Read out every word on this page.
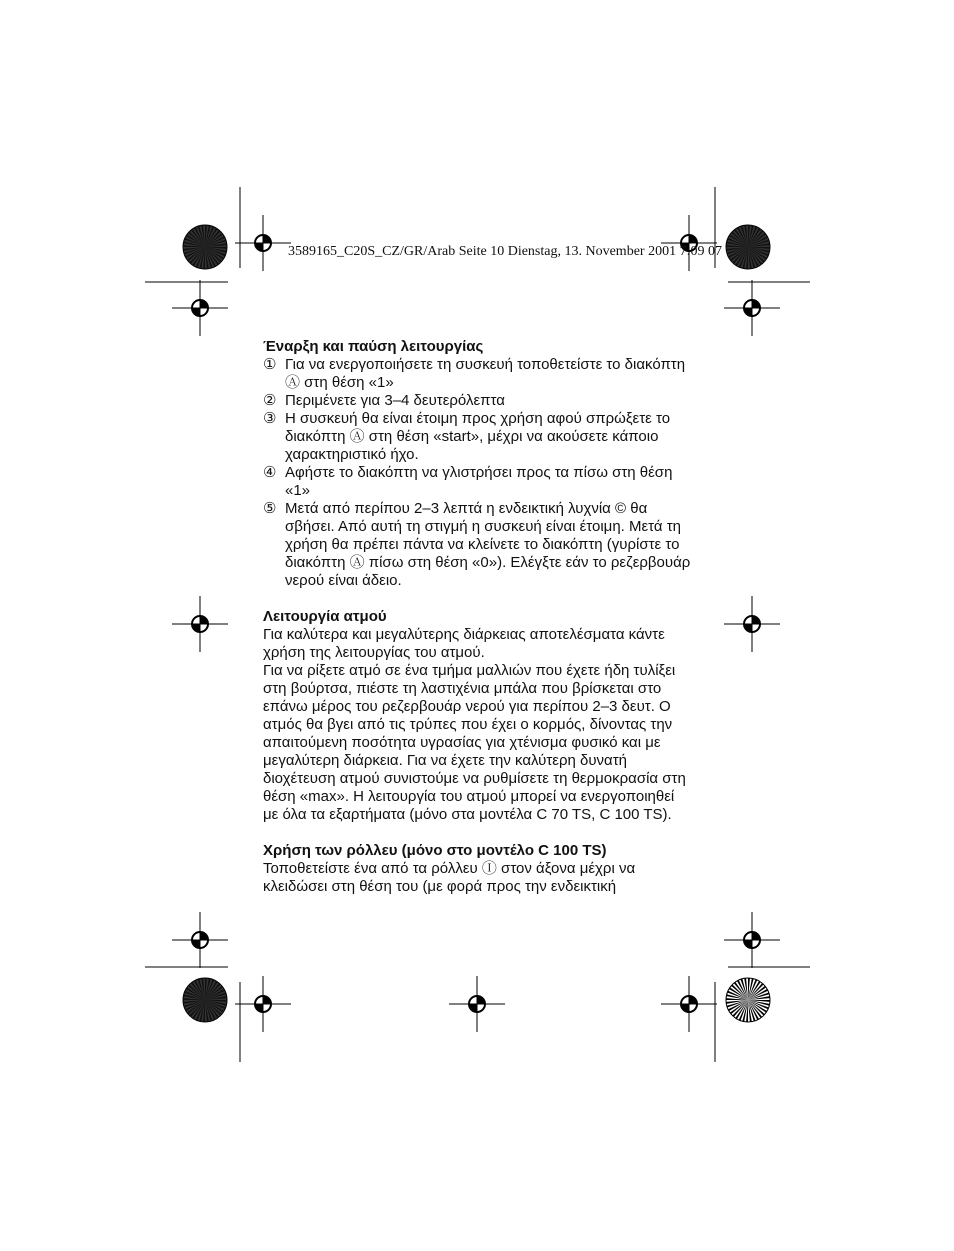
3589165_C20S_CZ/GR/Arab Seite 10 Dienstag, 13. November 2001 7:09 07
Έναρξη και παύση λειτουργίας
① Για να ενεργοποιήσετε τη συσκευή τοποθετείστε το διακόπτη Ⓐ στη θέση «1»
② Περιμένετε για 3–4 δευτερόλεπτα
③ Η συσκευή θα είναι έτοιμη προς χρήση αφού σπρώξετε το διακόπτη Ⓐ στη θέση «start», μέχρι να ακούσετε κάποιο χαρακτηριστικό ήχο.
④ Αφήστε το διακόπτη να γλιστρήσει προς τα πίσω στη θέση «1»
⑤ Μετά από περίπου 2–3 λεπτά η ενδεικτική λυχνία © θα σβήσει. Από αυτή τη στιγμή η συσκευή είναι έτοιμη. Μετά τη χρήση θα πρέπει πάντα να κλείνετε το διακόπτη (γυρίστε το διακόπτη Ⓐ πίσω στη θέση «0»). Ελέγξτε εάν το ρεζερβουάρ νερού είναι άδειο.
Λειτουργία ατμού

Για καλύτερα και μεγαλύτερης διάρκειας αποτελέσματα κάντε χρήση της λειτουργίας του ατμού.

Για να ρίξετε ατμό σε ένα τμήμα μαλλιών που έχετε ήδη τυλίξει στη βούρτσα, πιέστε τη λαστιχένια μπάλα που βρίσκεται στο επάνω μέρος του ρεζερβουάρ νερού για περίπου 2–3 δευτ. Ο ατμός θα βγει από τις τρύπες που έχει ο κορμός, δίνοντας την απαιτούμενη ποσότητα υγρασίας για χτένισμα φυσικό και με μεγαλύτερη διάρκεια. Για να έχετε την καλύτερη δυνατή διοχέτευση ατμού συνιστούμε να ρυθμίσετε τη θερμοκρασία στη θέση «max». Η λειτουργία του ατμού μπορεί να ενεργοποιηθεί με όλα τα εξαρτήματα (μόνο στα μοντέλα C 70 TS, C 100 TS).

Χρήση των ρόλλευ (μόνο στο μοντέλο C 100 TS)

Τοποθετείστε ένα από τα ρόλλευ Ⓘ στον άξονα μέχρι να κλειδώσει στη θέση του (με φορά προς την ενδεικτική
